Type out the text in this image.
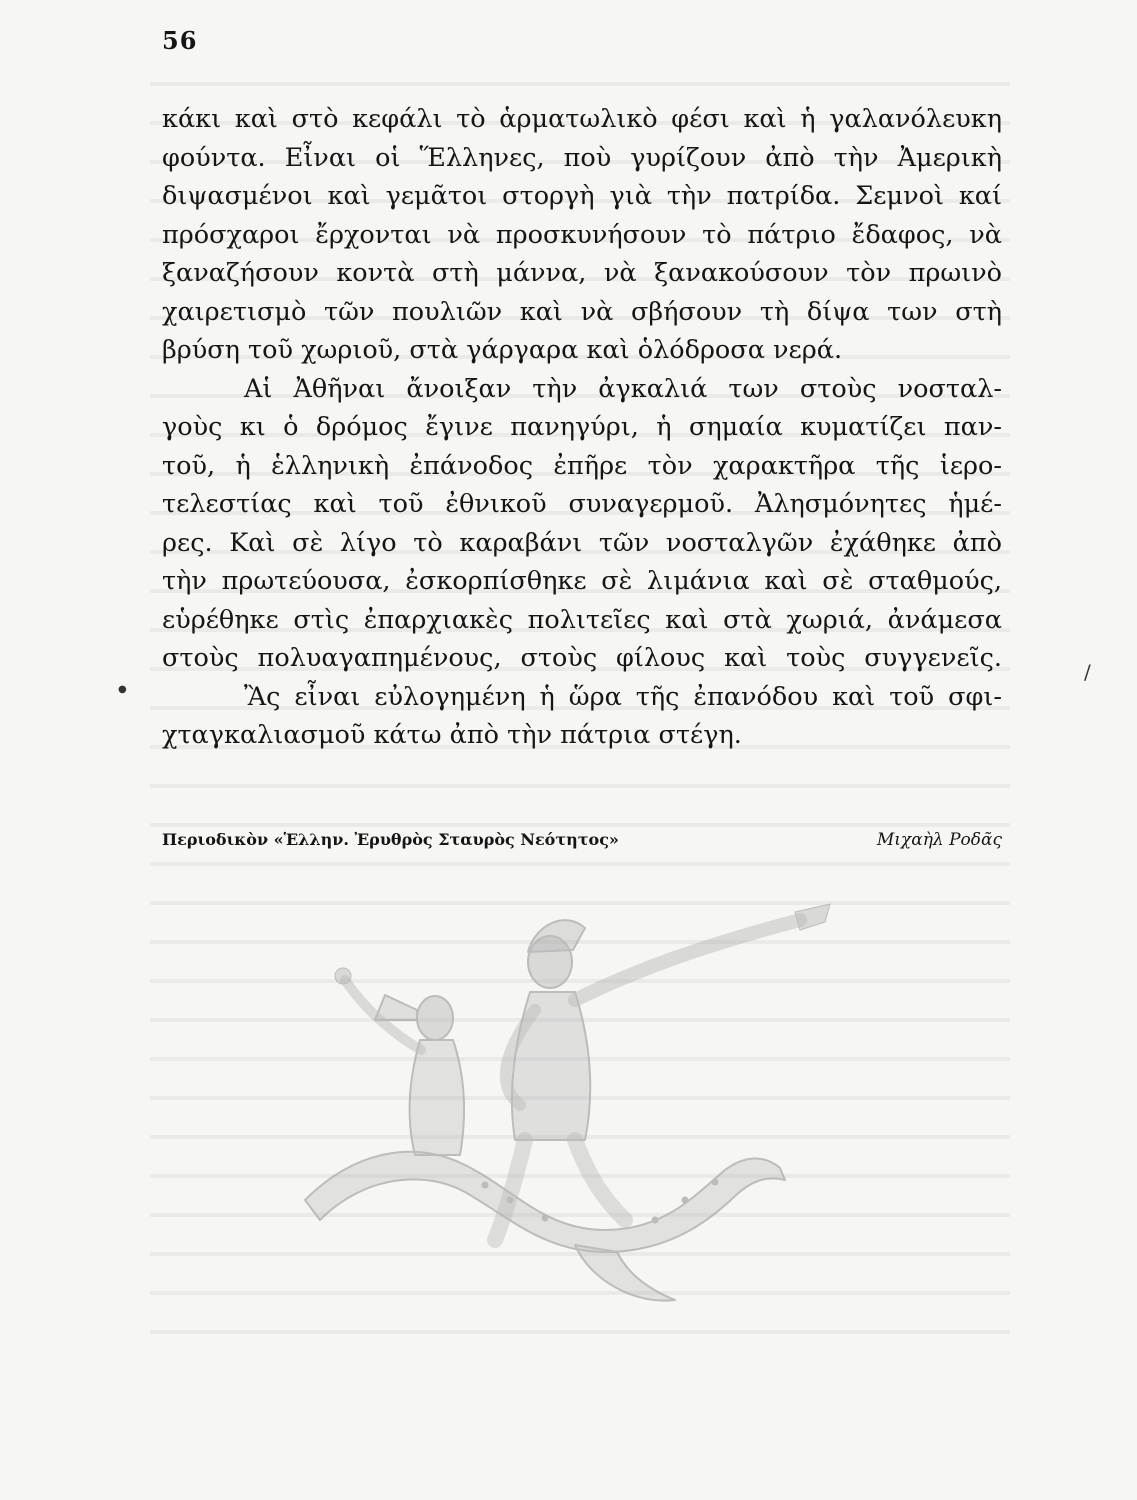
56
κάκι καὶ στὸ κεφάλι τὸ ἁρματωλικὸ φέσι καὶ ἡ γαλανόλευκη
φούντα. Εἶναι οἱ Ἕλληνες, ποὺ γυρίζουν ἀπὸ τὴν Ἀμερικὴ
διψασμένοι καὶ γεμᾶτοι στοργὴ γιὰ τὴν πατρίδα. Σεμνοὶ καί
πρόσχαροι ἔρχονται νὰ προσκυνήσουν τὸ πάτριο ἔδαφος, νὰ
ξαναζήσουν κοντὰ στὴ μάννα, νὰ ξανακούσουν τὸν πρωινὸ
χαιρετισμὸ τῶν πουλιῶν καὶ νὰ σβήσουν τὴ δίψα των στὴ
βρύση τοῦ χωριοῦ, στὰ γάργαρα καὶ ὁλόδροσα νερά.
Αἱ Ἀθῆναι ἄνοιξαν τὴν ἀγκαλιά των στοὺς νοσταλ-
γοὺς κι ὁ δρόμος ἔγινε πανηγύρι, ἡ σημαία κυματίζει παν-
τοῦ, ἡ ἑλληνικὴ ἐπάνοδος ἐπῆρε τὸν χαρακτῆρα τῆς ἱερο-
τελεστίας καὶ τοῦ ἐθνικοῦ συναγερμοῦ. Ἀλησμόνητες ἡμέ-
ρες. Καὶ σὲ λίγο τὸ καραβάνι τῶν νοσταλγῶν ἐχάθηκε ἀπὸ
τὴν πρωτεύουσα, ἐσκορπίσθηκε σὲ λιμάνια καὶ σὲ σταθμούς,
εὑρέθηκε στὶς ἐπαρχιακὲς πολιτεῖες καὶ στὰ χωριά, ἀνάμεσα
στοὺς πολυαγαπημένους, στοὺς φίλους καὶ τοὺς συγγενεῖς.
Ἂς εἶναι εὐλογημένη ἡ ὥρα τῆς ἐπανόδου καὶ τοῦ σφι-
χταγκαλιασμοῦ κάτω ἀπὸ τὴν πάτρια στέγη.
Περιοδικὸν «Ἑλλην. Ἐρυθρὸς Σταυρὸς Νεότητος»	Μιχαὴλ Ροδᾶς
/
●
